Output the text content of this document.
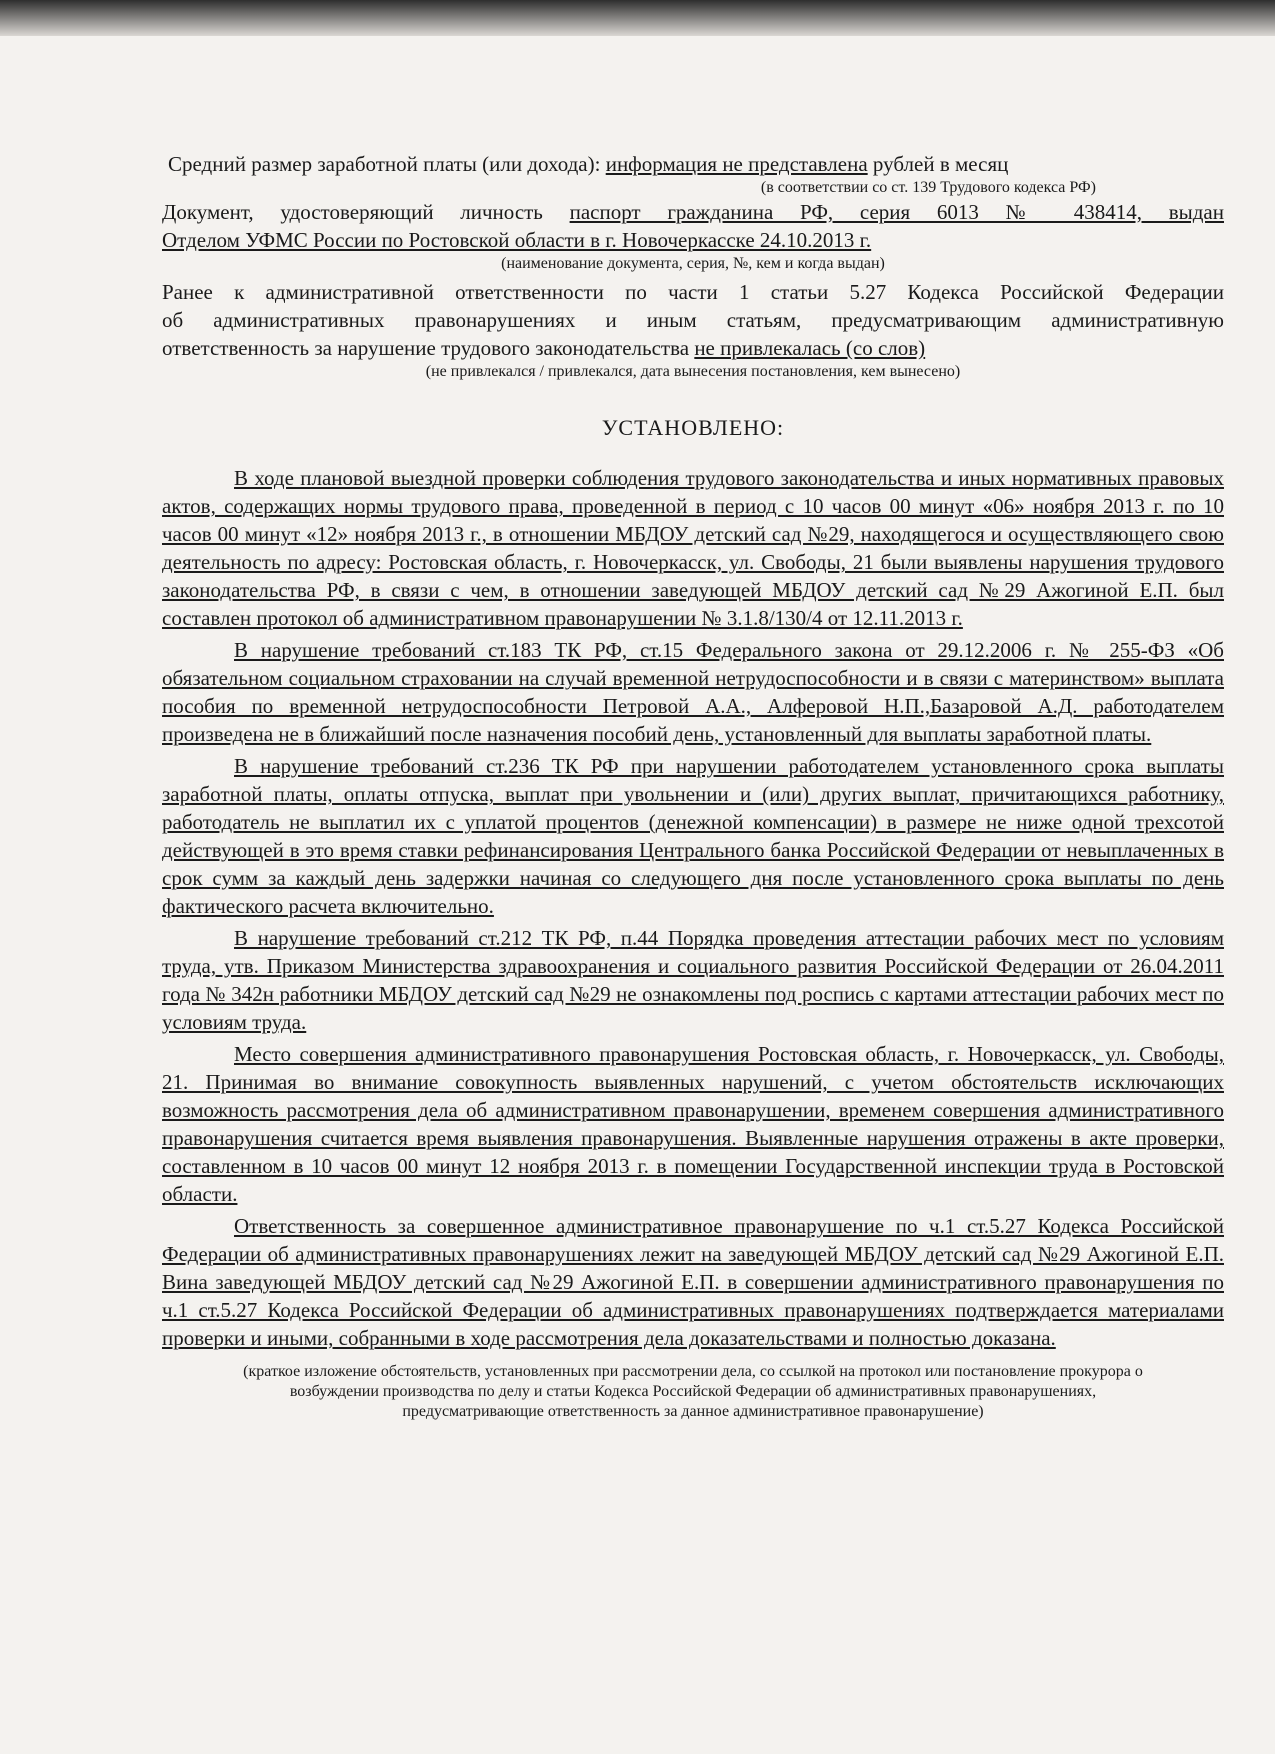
Средний размер заработной платы (или дохода): информация не представлена рублей в месяц
(в соответствии со ст. 139 Трудового кодекса РФ)
Документ, удостоверяющий личность паспорт гражданина РФ, серия 6013 № 438414, выдан
Отделом УФМС России по Ростовской области в г. Новочеркасске 24.10.2013 г.
(наименование документа, серия, №, кем и когда выдан)
Ранее к административной ответственности по части 1 статьи 5.27 Кодекса Российской Федерации
об административных правонарушениях и иным статьям, предусматривающим административную
ответственность за нарушение трудового законодательства не привлекалась (со слов)
(не привлекался / привлекался, дата вынесения постановления, кем вынесено)
УСТАНОВЛЕНО:

В ходе плановой выездной проверки соблюдения трудового законодательства и иных нормативных правовых актов, содержащих нормы трудового права, проведенной в период с 10 часов 00 минут «06» ноября 2013 г. по 10 часов 00 минут «12» ноября 2013 г., в отношении МБДОУ детский сад №29, находящегося и осуществляющего свою деятельность по адресу: Ростовская область, г. Новочеркасск, ул. Свободы, 21 были выявлены нарушения трудового законодательства РФ, в связи с чем, в отношении заведующей МБДОУ детский сад №29 Ажогиной Е.П. был составлен протокол об административном правонарушении № 3.1.8/130/4 от 12.11.2013 г.

В нарушение требований ст.183 ТК РФ, ст.15 Федерального закона от 29.12.2006 г. № 255-ФЗ «Об обязательном социальном страховании на случай временной нетрудоспособности и в связи с материнством» выплата пособия по временной нетрудоспособности Петровой А.А., Алферовой Н.П.,Базаровой А.Д. работодателем произведена не в ближайший после назначения пособий день, установленный для выплаты заработной платы.

В нарушение требований ст.236 ТК РФ при нарушении работодателем установленного срока выплаты заработной платы, оплаты отпуска, выплат при увольнении и (или) других выплат, причитающихся работнику, работодатель не выплатил их с уплатой процентов (денежной компенсации) в размере не ниже одной трехсотой действующей в это время ставки рефинансирования Центрального банка Российской Федерации от невыплаченных в срок сумм за каждый день задержки начиная со следующего дня после установленного срока выплаты по день фактического расчета включительно.

В нарушение требований ст.212 ТК РФ, п.44 Порядка проведения аттестации рабочих мест по условиям труда, утв. Приказом Министерства здравоохранения и социального развития Российской Федерации от 26.04.2011 года № 342н работники МБДОУ детский сад №29 не ознакомлены под роспись с картами аттестации рабочих мест по условиям труда.

Место совершения административного правонарушения Ростовская область, г. Новочеркасск, ул. Свободы, 21. Принимая во внимание совокупность выявленных нарушений, с учетом обстоятельств исключающих возможность рассмотрения дела об административном правонарушении, временем совершения административного правонарушения считается время выявления правонарушения. Выявленные нарушения отражены в акте проверки, составленном в 10 часов 00 минут 12 ноября 2013 г. в помещении Государственной инспекции труда в Ростовской области.

Ответственность за совершенное административное правонарушение по ч.1 ст.5.27 Кодекса Российской Федерации об административных правонарушениях лежит на заведующей МБДОУ детский сад №29 Ажогиной Е.П. Вина заведующей МБДОУ детский сад №29 Ажогиной Е.П. в совершении административного правонарушения по ч.1 ст.5.27 Кодекса Российской Федерации об административных правонарушениях подтверждается материалами проверки и иными, собранными в ходе рассмотрения дела доказательствами и полностью доказана.

(краткое изложение обстоятельств, установленных при рассмотрении дела, со ссылкой на протокол или постановление прокурора о возбуждении производства по делу и статьи Кодекса Российской Федерации об административных правонарушениях, предусматривающие ответственность за данное административное правонарушение)
